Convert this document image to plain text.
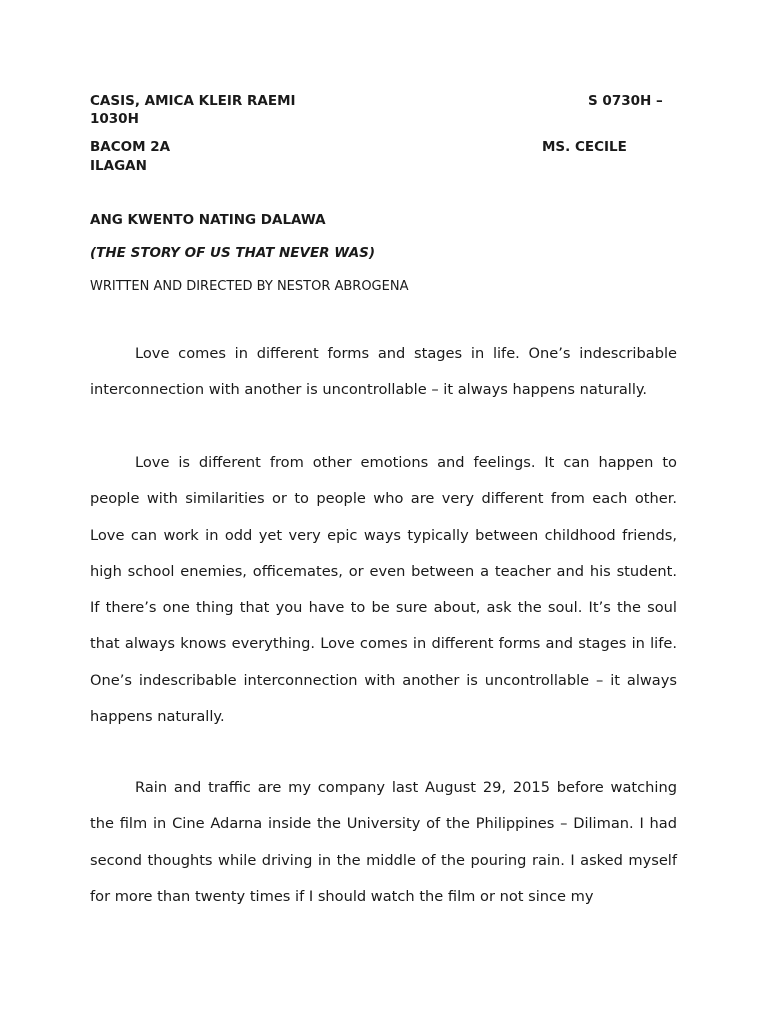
CASIS, AMICA KLEIR RAEMI	S 0730H –
1030H
BACOM 2A	MS. CECILE
ILAGAN
ANG KWENTO NATING DALAWA
(THE STORY OF US THAT NEVER WAS)
WRITTEN AND DIRECTED BY NESTOR ABROGENA

Love comes in different forms and stages in life. One’s indescribable interconnection with another is uncontrollable – it always happens naturally.

Love is different from other emotions and feelings. It can happen to people with similarities or to people who are very different from each other. Love can work in odd yet very epic ways typically between childhood friends, high school enemies, officemates, or even between a teacher and his student. If there’s one thing that you have to be sure about, ask the soul. It’s the soul that always knows everything. Love comes in different forms and stages in life. One’s indescribable interconnection with another is uncontrollable – it always happens naturally.

Rain and traffic are my company last August 29, 2015 before watching the film in Cine Adarna inside the University of the Philippines – Diliman. I had second thoughts while driving in the middle of the pouring rain. I asked myself for more than twenty times if I should watch the film or not since my
